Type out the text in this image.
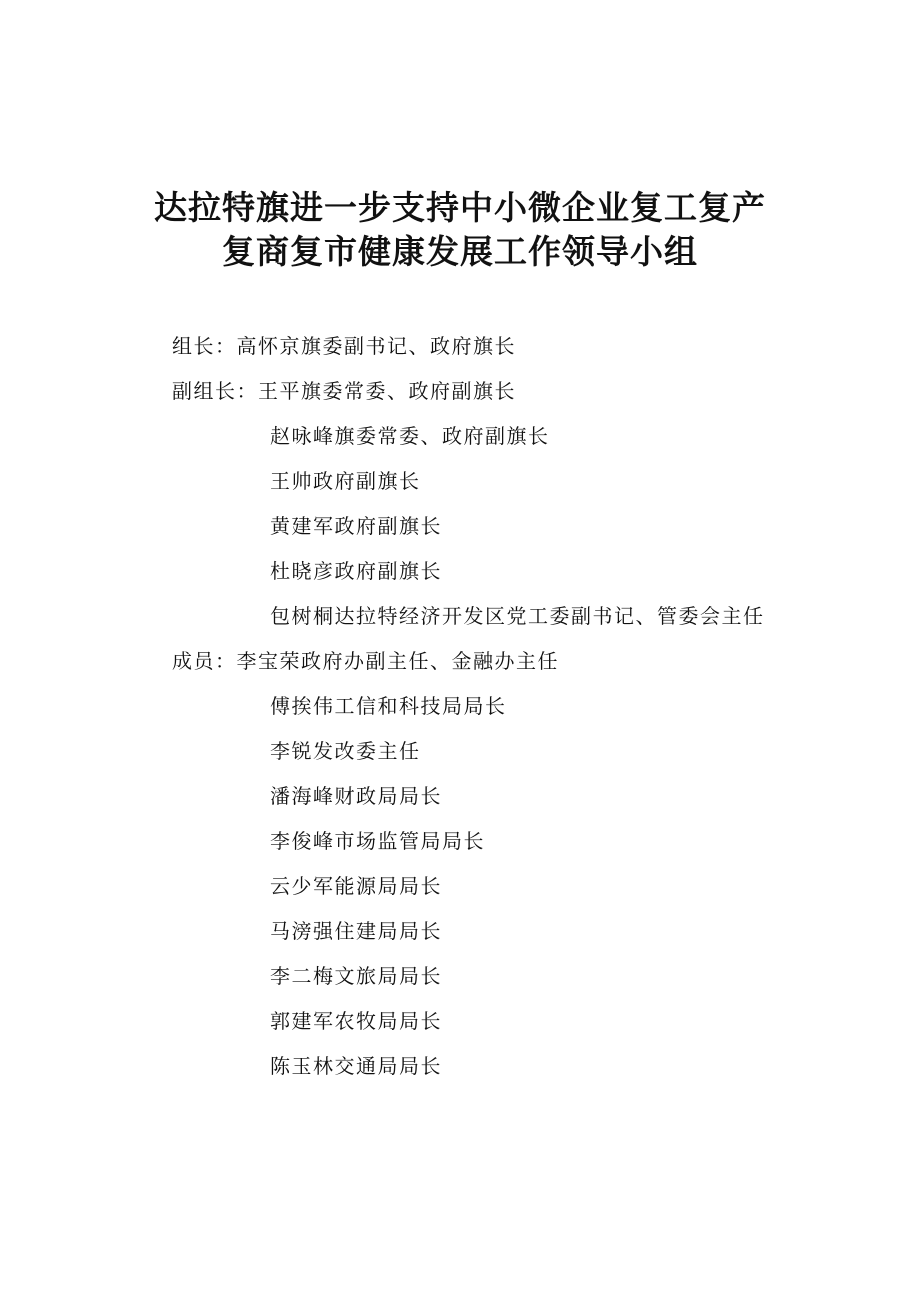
达拉特旗进一步支持中小微企业复工复产
复商复市健康发展工作领导小组
组长：高怀京旗委副书记、政府旗长
副组长：王平旗委常委、政府副旗长
赵咏峰旗委常委、政府副旗长
王帅政府副旗长
黄建军政府副旗长
杜晓彦政府副旗长
包树桐达拉特经济开发区党工委副书记、管委会主任
成员：李宝荣政府办副主任、金融办主任
傅挨伟工信和科技局局长
李锐发改委主任
潘海峰财政局局长
李俊峰市场监管局局长
云少军能源局局长
马滂强住建局局长
李二梅文旅局局长
郭建军农牧局局长
陈玉林交通局局长
